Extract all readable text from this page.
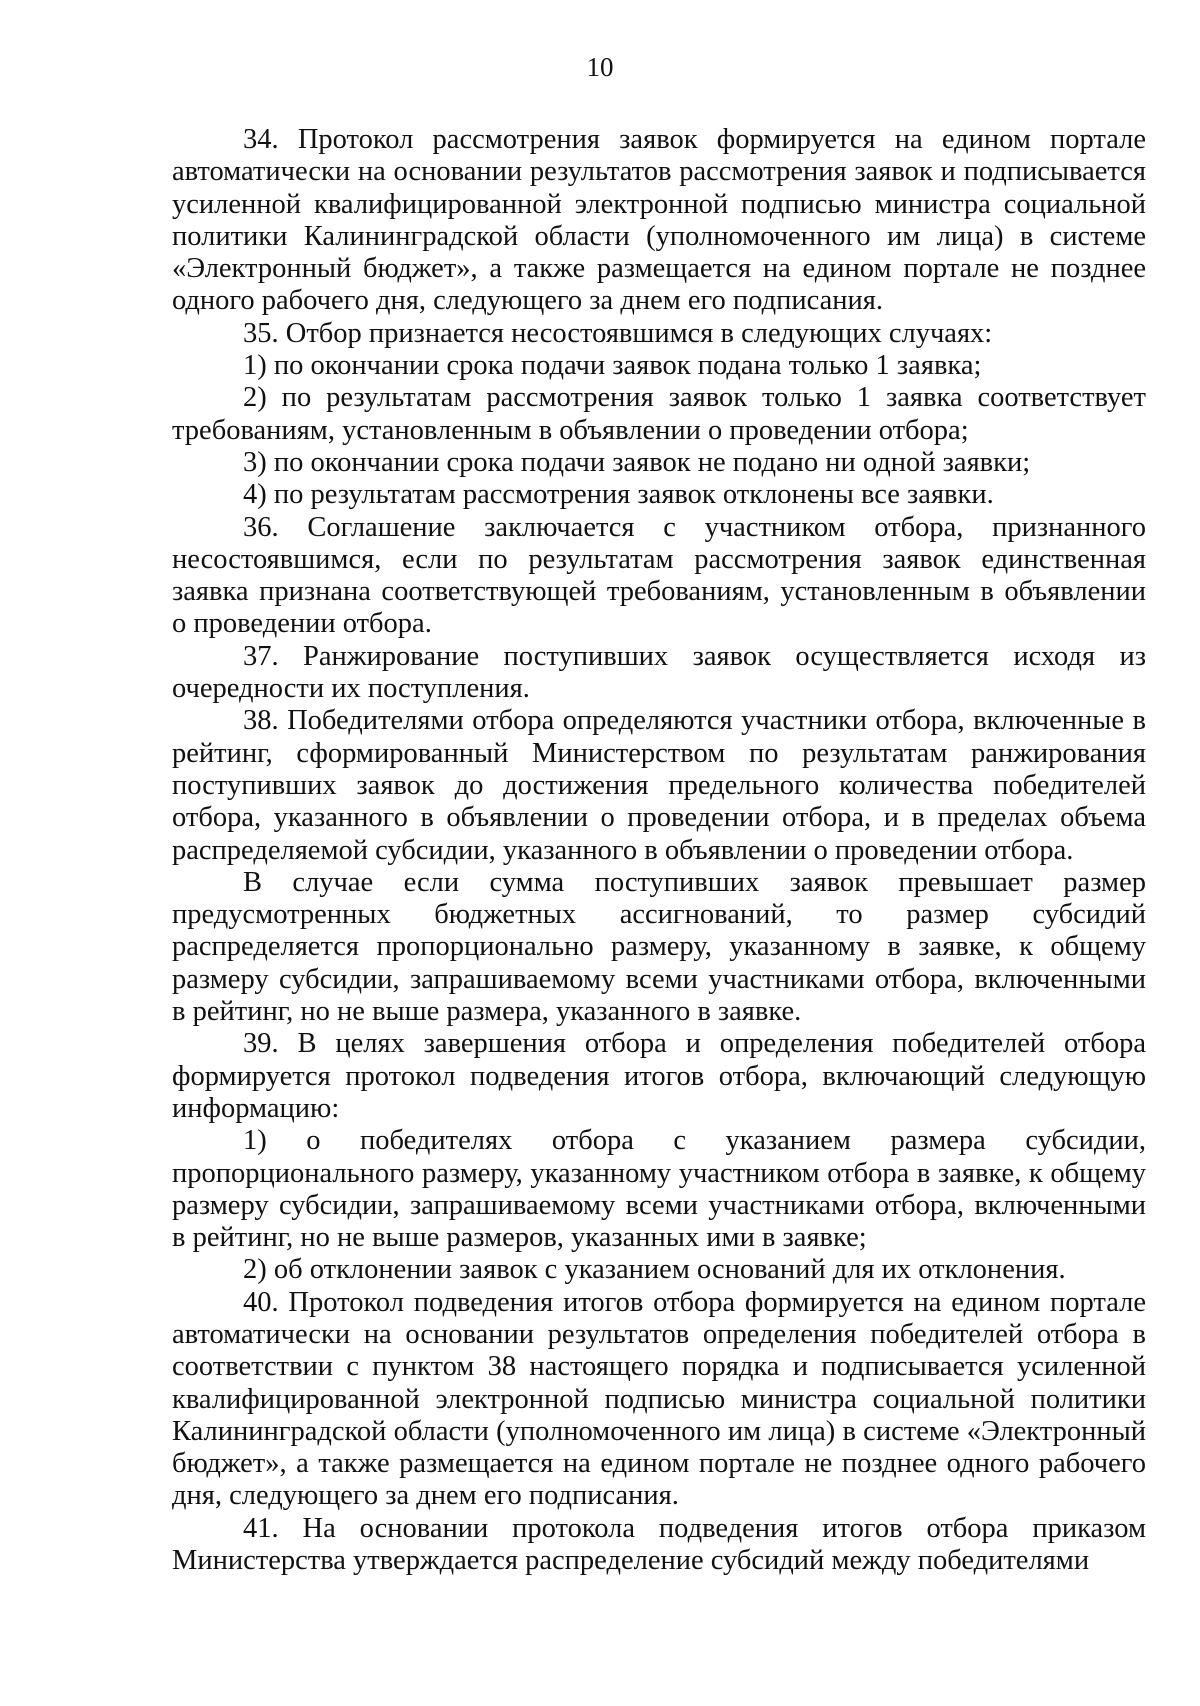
10

34. Протокол рассмотрения заявок формируется на едином портале автоматически на основании результатов рассмотрения заявок и подписывается усиленной квалифицированной электронной подписью министра социальной политики Калининградской области (уполномоченного им лица) в системе «Электронный бюджет», а также размещается на едином портале не позднее одного рабочего дня, следующего за днем его подписания.

35. Отбор признается несостоявшимся в следующих случаях:

1) по окончании срока подачи заявок подана только 1 заявка;

2) по результатам рассмотрения заявок только 1 заявка соответствует требованиям, установленным в объявлении о проведении отбора;

3) по окончании срока подачи заявок не подано ни одной заявки;

4) по результатам рассмотрения заявок отклонены все заявки.

36. Соглашение заключается с участником отбора, признанного несостоявшимся, если по результатам рассмотрения заявок единственная заявка признана соответствующей требованиям, установленным в объявлении о проведении отбора.

37. Ранжирование поступивших заявок осуществляется исходя из очередности их поступления.

38. Победителями отбора определяются участники отбора, включенные в рейтинг, сформированный Министерством по результатам ранжирования поступивших заявок до достижения предельного количества победителей отбора, указанного в объявлении о проведении отбора, и в пределах объема распределяемой субсидии, указанного в объявлении о проведении отбора.

В случае если сумма поступивших заявок превышает размер предусмотренных бюджетных ассигнований, то размер субсидий распределяется пропорционально размеру, указанному в заявке, к общему размеру субсидии, запрашиваемому всеми участниками отбора, включенными в рейтинг, но не выше размера, указанного в заявке.

39. В целях завершения отбора и определения победителей отбора формируется протокол подведения итогов отбора, включающий следующую информацию:

1) о победителях отбора с указанием размера субсидии, пропорционального размеру, указанному участником отбора в заявке, к общему размеру субсидии, запрашиваемому всеми участниками отбора, включенными в рейтинг, но не выше размеров, указанных ими в заявке;

2) об отклонении заявок с указанием оснований для их отклонения.

40. Протокол подведения итогов отбора формируется на едином портале автоматически на основании результатов определения победителей отбора в соответствии с пунктом 38 настоящего порядка и подписывается усиленной квалифицированной электронной подписью министра социальной политики Калининградской области (уполномоченного им лица) в системе «Электронный бюджет», а также размещается на едином портале не позднее одного рабочего дня, следующего за днем его подписания.

41. На основании протокола подведения итогов отбора приказом Министерства утверждается распределение субсидий между победителями
